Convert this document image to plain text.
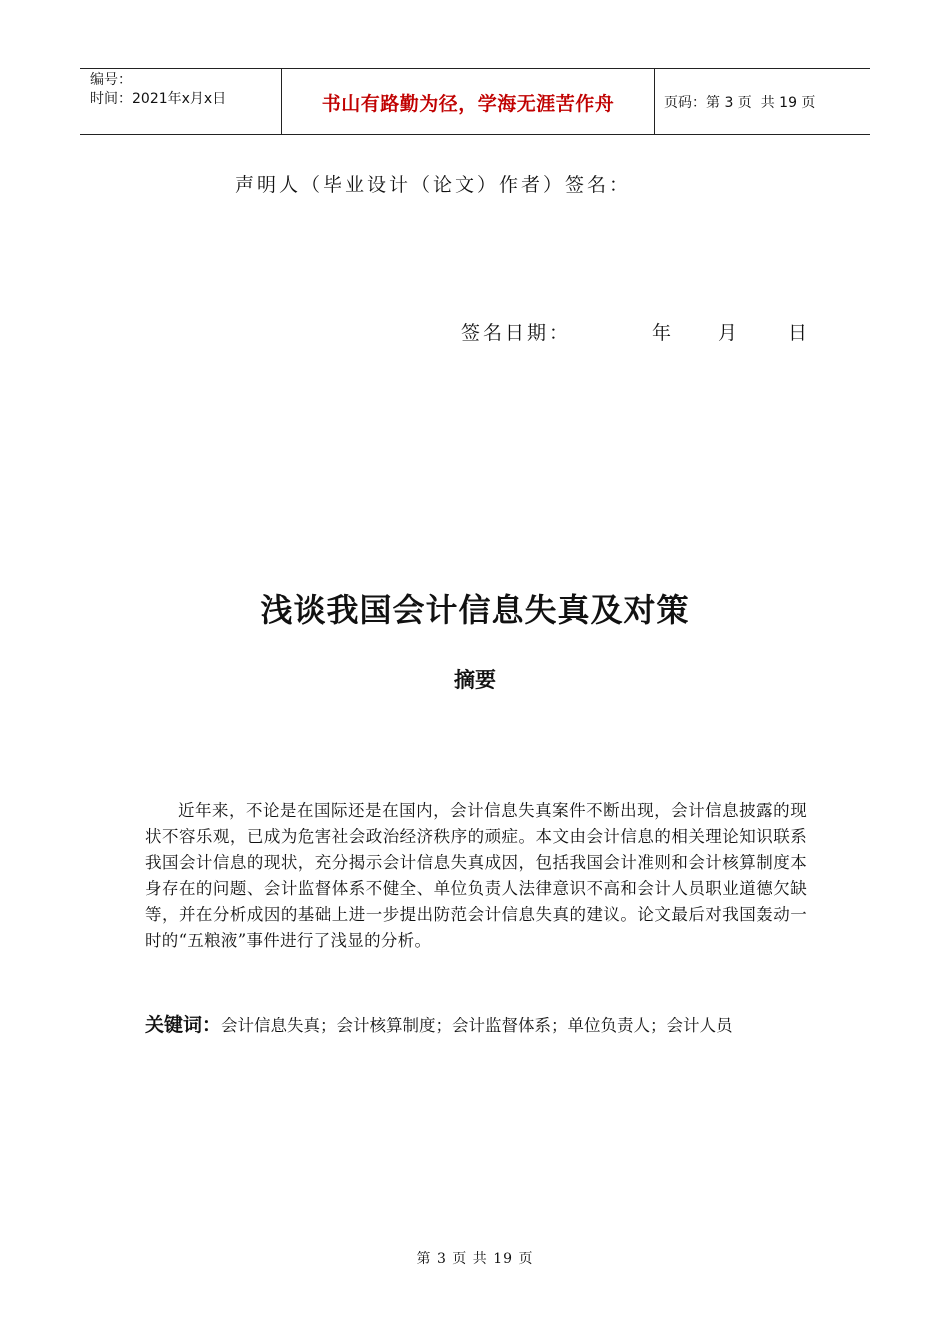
编号：
时间：2021年x月x日	书山有路勤为径，学海无涯苦作舟	页码：第 3 页  共 19 页
声明人（毕业设计（论文）作者）签名：
签名日期：	年 月	日
浅谈我国会计信息失真及对策
摘要
近年来，不论是在国际还是在国内，会计信息失真案件不断出现，会计信息披露的现状不容乐观，已成为危害社会政治经济秩序的顽症。本文由会计信息的相关理论知识联系我国会计信息的现状，充分揭示会计信息失真成因，包括我国会计准则和会计核算制度本身存在的问题、会计监督体系不健全、单位负责人法律意识不高和会计人员职业道德欠缺等，并在分析成因的基础上进一步提出防范会计信息失真的建议。论文最后对我国轰动一时的“五粮液”事件进行了浅显的分析。
关键词：会计信息失真；会计核算制度；会计监督体系；单位负责人；会计人员
第 3 页 共 19 页
